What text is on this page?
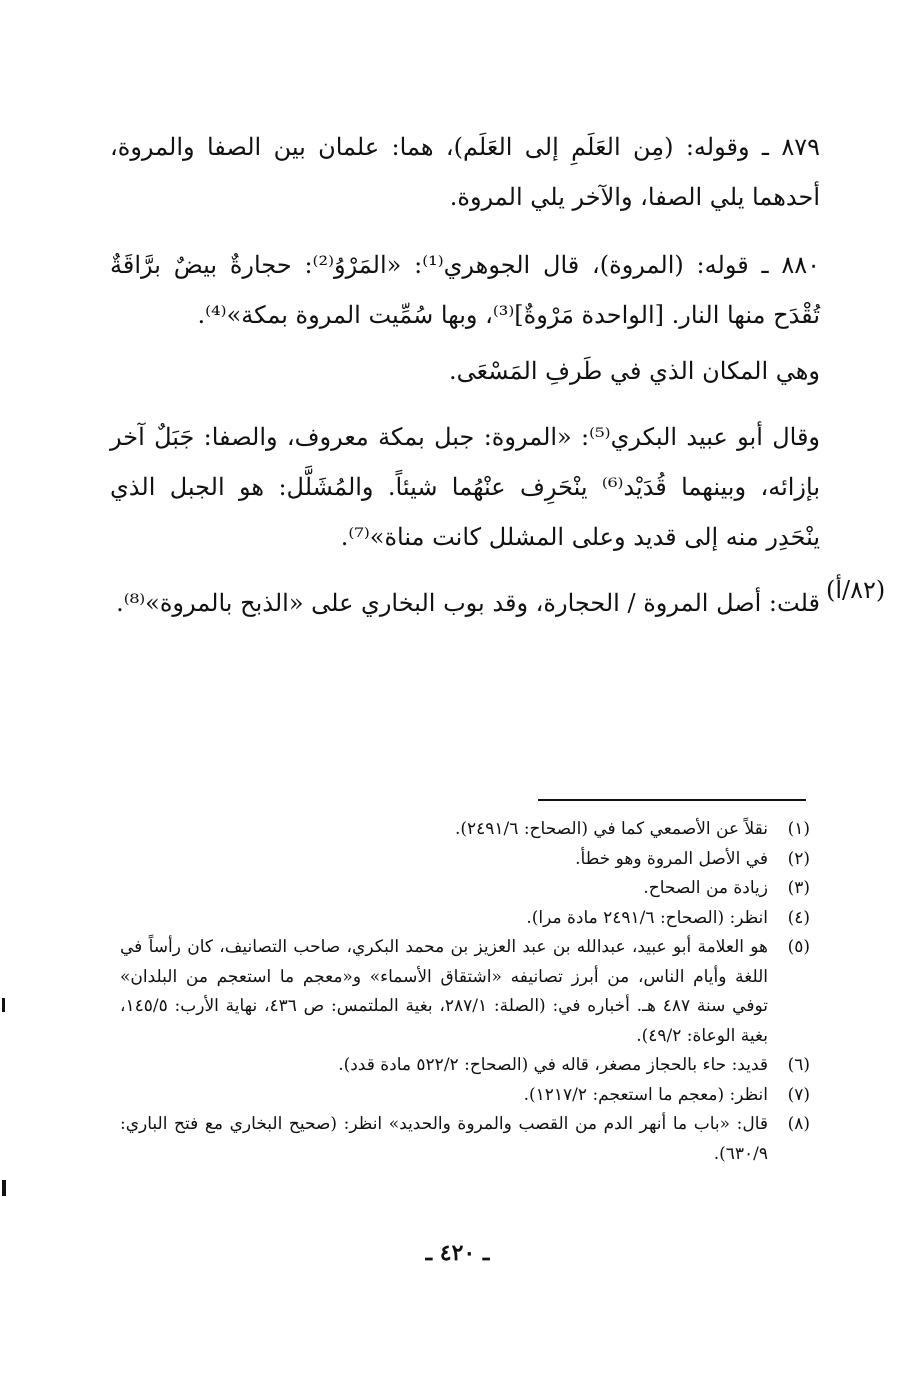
٨٧٩ ـ وقوله: (مِن العَلَمِ إلى العَلَم)، هما: علمان بين الصفا والمروة، أحدهما يلي الصفا، والآخر يلي المروة.

٨٨٠ ـ قوله: (المروة)، قال الجوهري⁽¹⁾: «المَرْوُ⁽²⁾: حجارةٌ بيضٌ برَّاقَةٌ تُقْدَح منها النار. [الواحدة مَرْوةٌ]⁽³⁾، وبها سُمِّيت المروة بمكة»⁽⁴⁾.

وهي المكان الذي في طَرفِ المَسْعَى.

وقال أبو عبيد البكري⁽⁵⁾: «المروة: جبل بمكة معروف، والصفا: جَبَلٌ آخر بإزائه، وبينهما قُدَيْد⁽⁶⁾ ينْحَرِف عنْهُما شيئاً. والمُشَلَّل: هو الجبل الذي ينْحَدِر منه إلى قديد وعلى المشلل كانت مناة»⁽⁷⁾.

قلت: أصل المروة / الحجارة، وقد بوب البخاري على «الذبح بالمروة»⁽⁸⁾. (٨٢/أ)
(١)
نقلاً عن الأصمعي كما في (الصحاح: ٢٤٩١/٦).
(٢)
في الأصل المروة وهو خطأ.
(٣)
زيادة من الصحاح.
(٤)
انظر: (الصحاح: ٢٤٩١/٦ مادة مرا).
(٥)
هو العلامة أبو عبيد، عبدالله بن عبد العزيز بن محمد البكري، صاحب التصانيف، كان رأساً في اللغة وأيام الناس، من أبرز تصانيفه «اشتقاق الأسماء» و«معجم ما استعجم من البلدان» توفي سنة ٤٨٧ هـ. أخباره في: (الصلة: ٢٨٧/١، بغية الملتمس: ص ٤٣٦، نهاية الأرب: ١٤٥/٥، بغية الوعاة: ٤٩/٢).
(٦)
قديد: حاء بالحجاز مصغر، قاله في (الصحاح: ٥٢٢/٢ مادة قدد).
(٧)
انظر: (معجم ما استعجم: ١٢١٧/٢).
(٨)
قال: «باب ما أنهر الدم من القصب والمروة والحديد» انظر: (صحيح البخاري مع فتح الباري: ٦٣٠/٩).
ـ ٤٢٠ ـ
